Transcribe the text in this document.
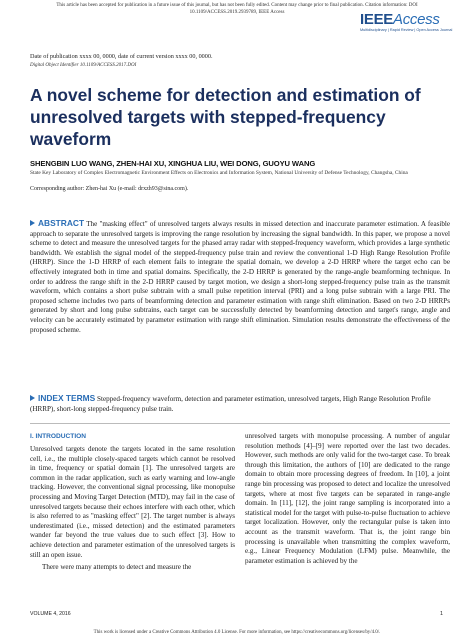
This article has been accepted for publication in a future issue of this journal, but has not been fully edited. Content may change prior to final publication. Citation information: DOI
10.1109/ACCESS.2019.2939789, IEEE Access	IEEEAccess
Multidisciplinary | Rapid Review | Open Access Journal
Date of publication xxxx 00, 0000, date of current version xxxx 00, 0000.
Digital Object Identifier 10.1109/ACCESS.2017.DOI
A novel scheme for detection and estimation of unresolved targets with stepped-frequency waveform
SHENGBIN LUO WANG, ZHEN-HAI XU, XINGHUA LIU, WEI DONG, GUOYU WANG
State Key Laboratory of Complex Electromagnetic Environment Effects on Electronics and Information System, National University of Defense Technology, Changsha, China
Corresponding author: Zhen-hai Xu (e-mail: drxzh93@sina.com).
ABSTRACT The "masking effect" of unresolved targets always results in missed detection and inaccurate parameter estimation. A feasible approach to separate the unresolved targets is improving the range resolution by increasing the signal bandwidth. In this paper, we propose a novel scheme to detect and measure the unresolved targets for the phased array radar with stepped-frequency waveform, which provides a large synthetic bandwidth. We establish the signal model of the stepped-frequency pulse train and review the conventional 1-D High Range Resolution Profile (HRRP). Since the 1-D HRRP of each element fails to integrate the spatial domain, we develop a 2-D HRRP where the target echo can be effectively integrated both in time and spatial domains. Specifically, the 2-D HRRP is generated by the range-angle beamforming technique. In order to address the range shift in the 2-D HRRP caused by target motion, we design a short-long stepped-frequency pulse train as the transmit waveform, which contains a short pulse subtrain with a small pulse repetition interval (PRI) and a long pulse subtrain with a large PRI. The proposed scheme includes two parts of beamforming detection and parameter estimation with range shift elimination. Based on two 2-D HRRPs generated by short and long pulse subtrains, each target can be successfully detected by beamforming detection and target's range, angle and velocity can be accurately estimated by parameter estimation with range shift elimination. Simulation results demonstrate the effectiveness of the proposed scheme.
INDEX TERMS Stepped-frequency waveform, detection and parameter estimation, unresolved targets, High Range Resolution Profile (HRRP), short-long stepped-frequency pulse train.
I. INTRODUCTION

Unresolved targets denote the targets located in the same resolution cell, i.e., the multiple closely-spaced targets which cannot be resolved in time, frequency or spatial domain [1]. The unresolved targets are common in the radar application, such as early warning and low-angle tracking. However, the conventional signal processing, like monopulse processing and Moving Target Detection (MTD), may fail in the case of unresolved targets because their echoes interfere with each other, which is also referred to as "masking effect" [2]. The target number is always underestimated (i.e., missed detection) and the estimated parameters wander far beyond the true values due to such effect [3]. How to achieve detection and parameter estimation of the unresolved targets is still an open issue.

There were many attempts to detect and measure the

unresolved targets with monopulse processing. A number of angular resolution methods [4]–[9] were reported over the last two decades. However, such methods are only valid for the two-target case. To break through this limitation, the authors of [10] are dedicated to the range domain to obtain more processing degrees of freedom. In [10], a joint range bin processing was proposed to detect and localize the unresolved targets, where at most five targets can be separated in range-angle domain. In [11], [12], the joint range sampling is incorporated into a statistical model for the target with pulse-to-pulse fluctuation to achieve target localization. However, only the rectangular pulse is taken into account as the transmit waveform. That is, the joint range bin processing is unavailable when transmitting the complex waveform, e.g., Linear Frequency Modulation (LFM) pulse. Meanwhile, the parameter estimation is achieved by the

VOLUME 4, 2016	1
This work is licensed under a Creative Commons Attribution 4.0 License. For more information, see https://creativecommons.org/licenses/by/4.0/.
